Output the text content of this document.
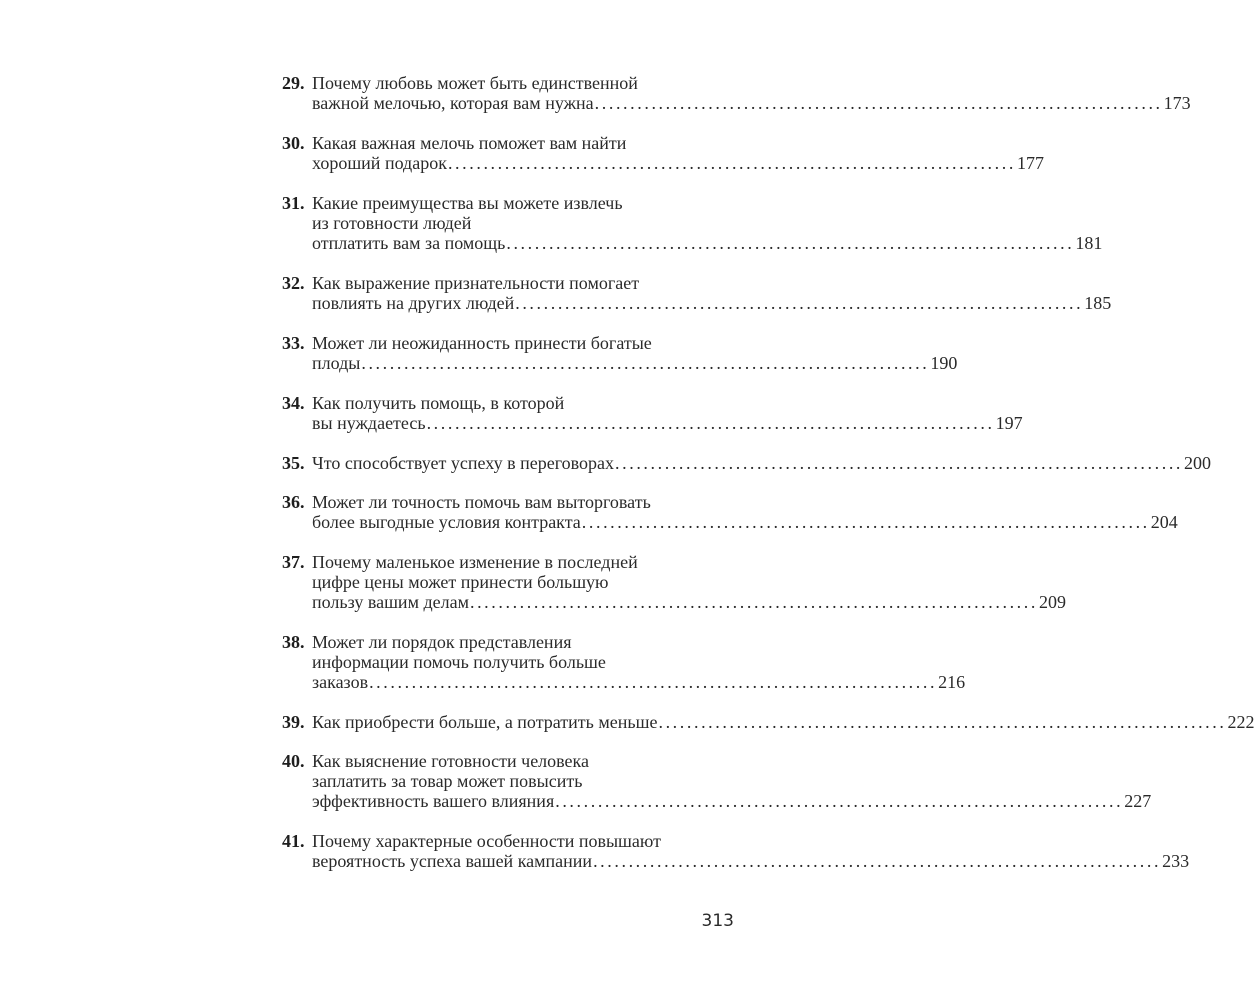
29. Почему любовь может быть единственной
важной мелочью, которая вам нужна ................................................................................ 173
30. Какая важная мелочь поможет вам найти
хороший подарок ................................................................................ 177
31. Какие преимущества вы можете извлечь
из готовности людей
отплатить вам за помощь ................................................................................ 181
32. Как выражение признательности помогает
повлиять на других людей ................................................................................ 185
33. Может ли неожиданность принести богатые
плоды ................................................................................ 190
34. Как получить помощь, в которой
вы нуждаетесь ................................................................................ 197
35. Что способствует успеху в переговорах ................................................................................ 200
36. Может ли точность помочь вам выторговать
более выгодные условия контракта ................................................................................ 204
37. Почему маленькое изменение в последней
цифре цены может принести большую
пользу вашим делам ................................................................................ 209
38. Может ли порядок представления
информации помочь получить больше
заказов ................................................................................ 216
39. Как приобрести больше, а потратить меньше ................................................................................ 222
40. Как выяснение готовности человека
заплатить за товар может повысить
эффективность вашего влияния ................................................................................ 227
41. Почему характерные особенности повышают
вероятность успеха вашей кампании ................................................................................ 233
313
